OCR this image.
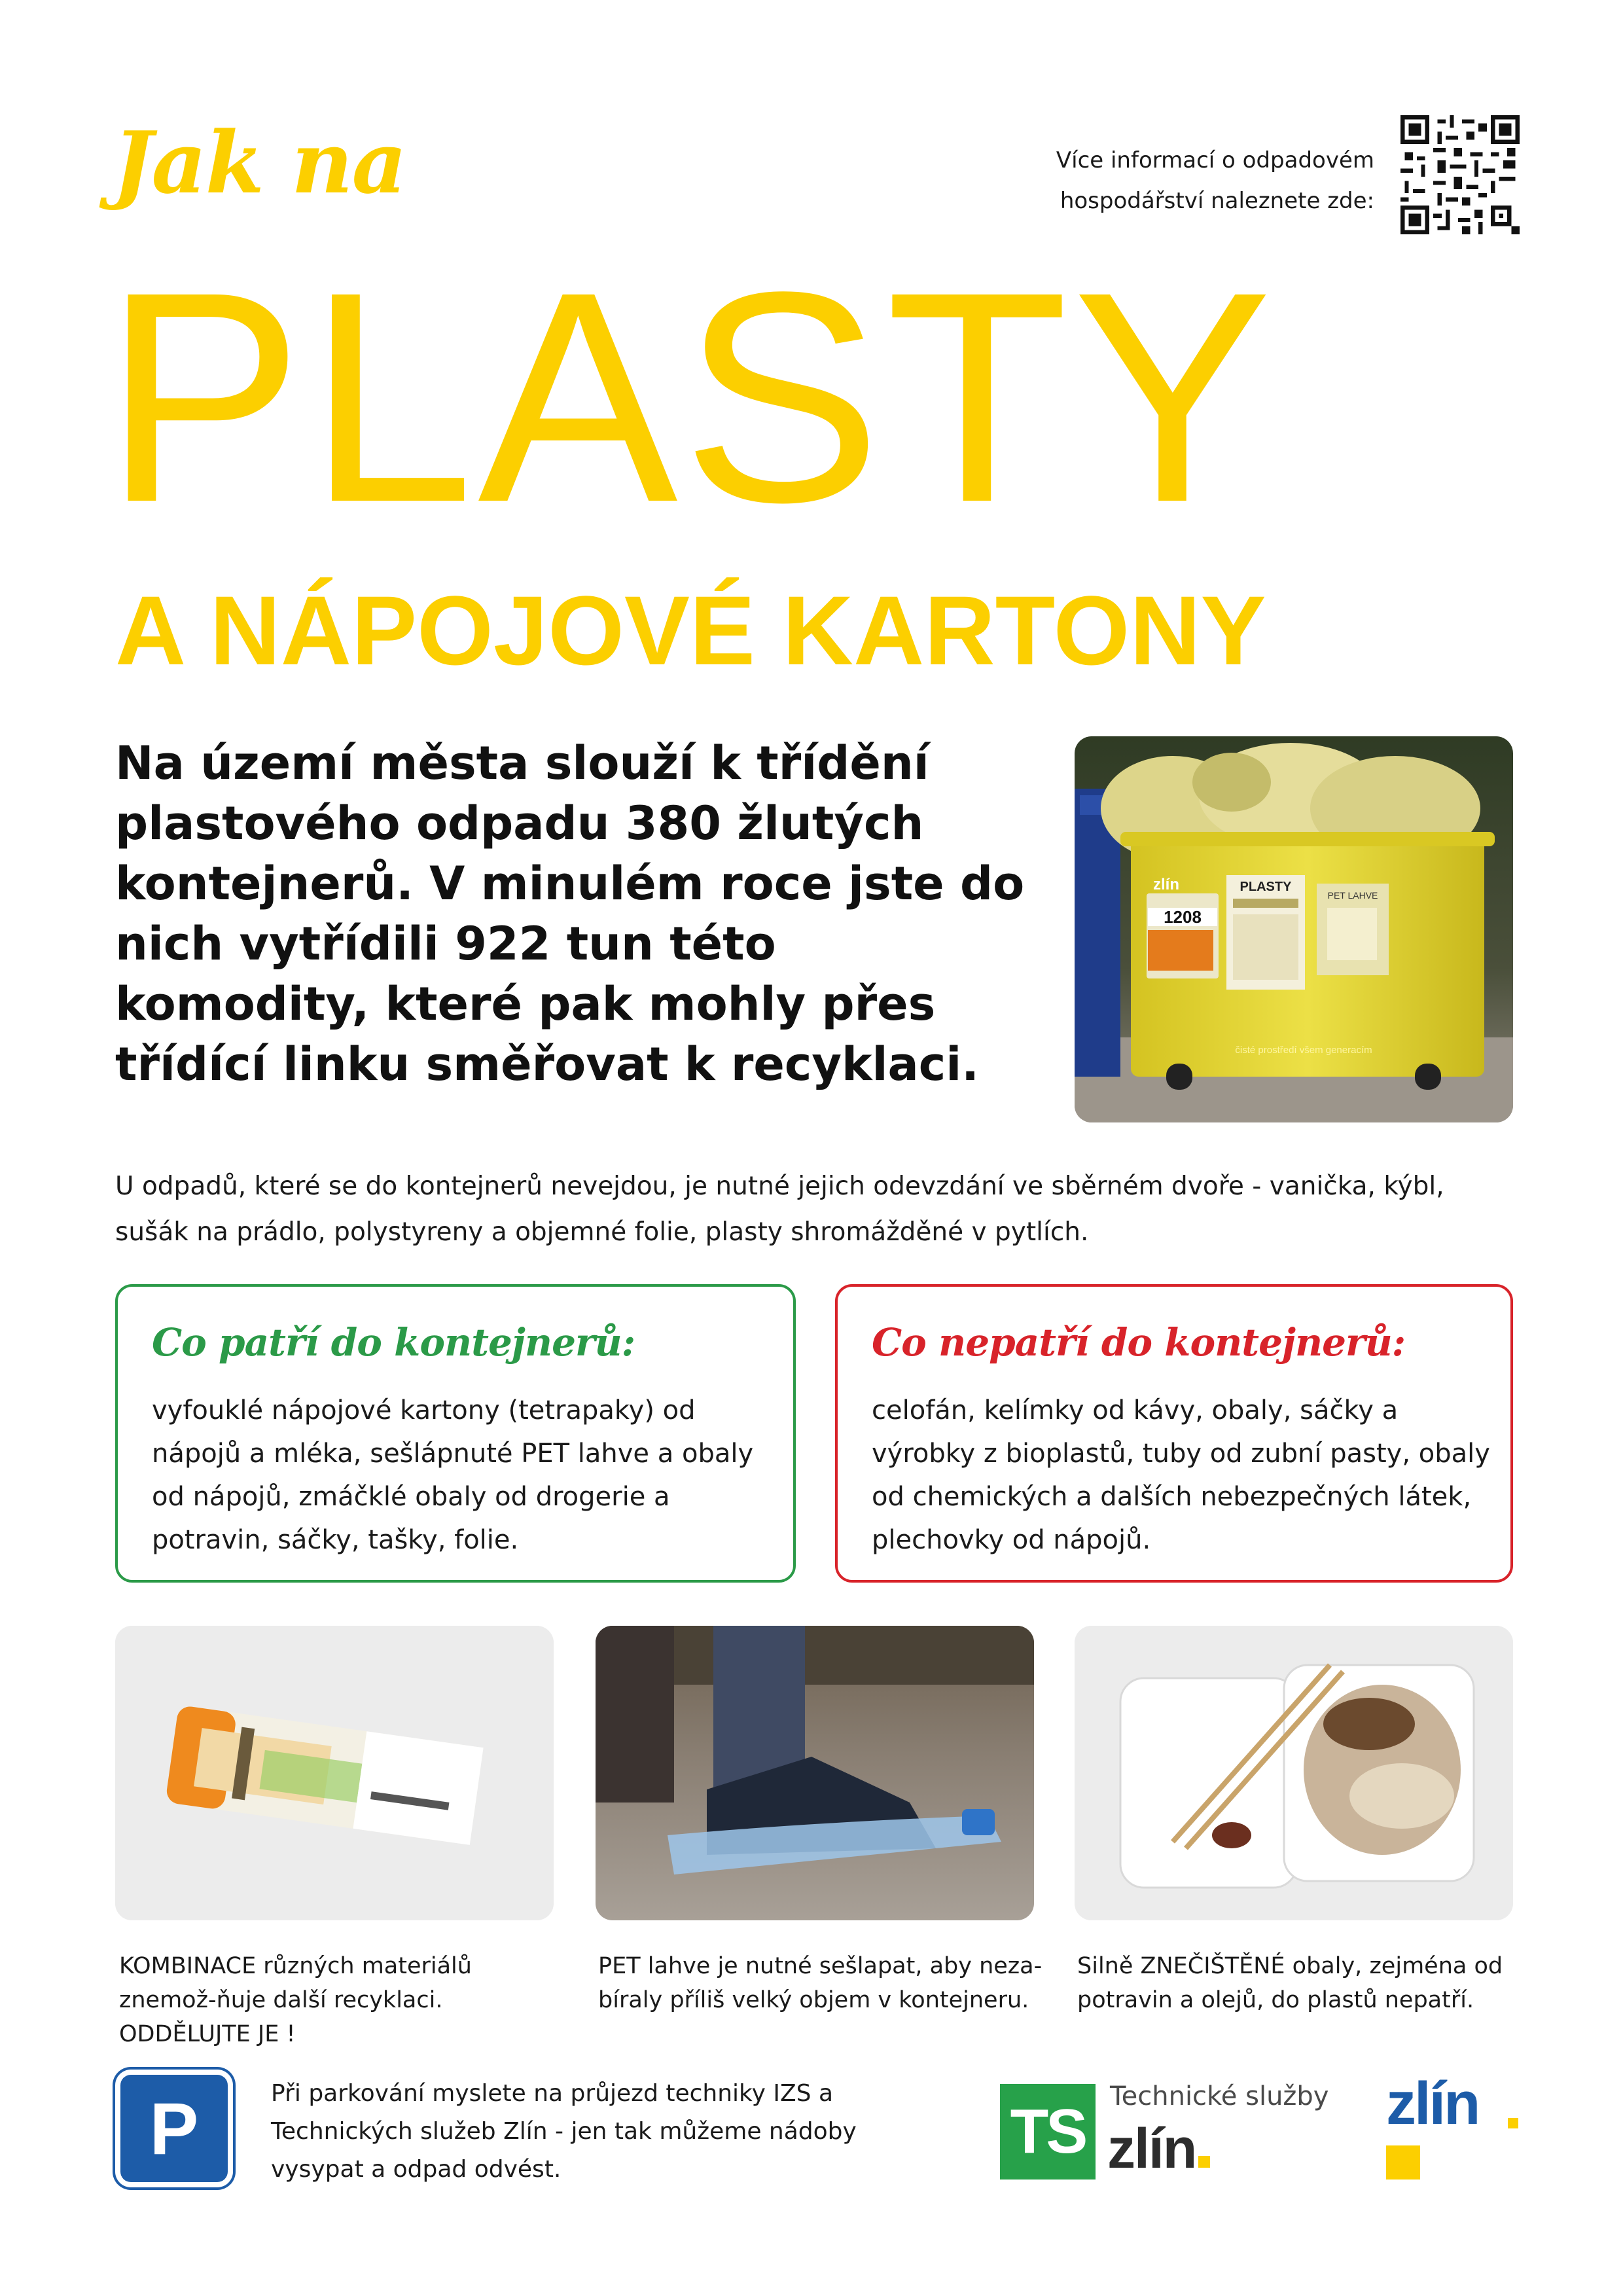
Jak na	Více informací o odpadovém hospodářství naleznete zde:
PLASTY
A NÁPOJOVÉ KARTONY
Na území města slouží k třídění plastového odpadu 380 žlutých kontejnerů. V minulém roce jste do nich vytřídili 922 tun této komodity, které pak mohly přes třídící linku směřovat k recyklaci.
1208
zlín	PLASTY
PET LAHVE
čisté prostředí všem generacím
U odpadů, které se do kontejnerů nevejdou, je nutné jejich odevzdání ve sběrném dvoře - vanička, kýbl, sušák na prádlo, polystyreny a objemné folie, plasty shromážděné v pytlích.
Co patří do kontejnerů:

vyfouklé nápojové kartony (tetrapaky) od nápojů a mléka, sešlápnuté PET lahve a obaly od nápojů, zmáčklé obaly od drogerie a potravin, sáčky, tašky, folie.

Co nepatří do kontejnerů:

celofán, kelímky od kávy, obaly, sáčky a výrobky z bioplastů, tuby od zubní pasty, obaly od chemických a dalších nebezpečných látek, plechovky od nápojů.

KOMBINACE různých materiálů znemož-ňuje další recyklaci. ODDĚLUJTE JE !
PET lahve je nutné sešlapat, aby neza-bíraly příliš velký objem v kontejneru.
Silně ZNEČIŠTĚNÉ obaly, zejména od potravin a olejů, do plastů nepatří.
P	Při parkování myslete na průjezd techniky IZS a Technických služeb Zlín - jen tak můžeme nádoby vysypat a odpad odvést.
TS Technické služby
zlín
zlín
